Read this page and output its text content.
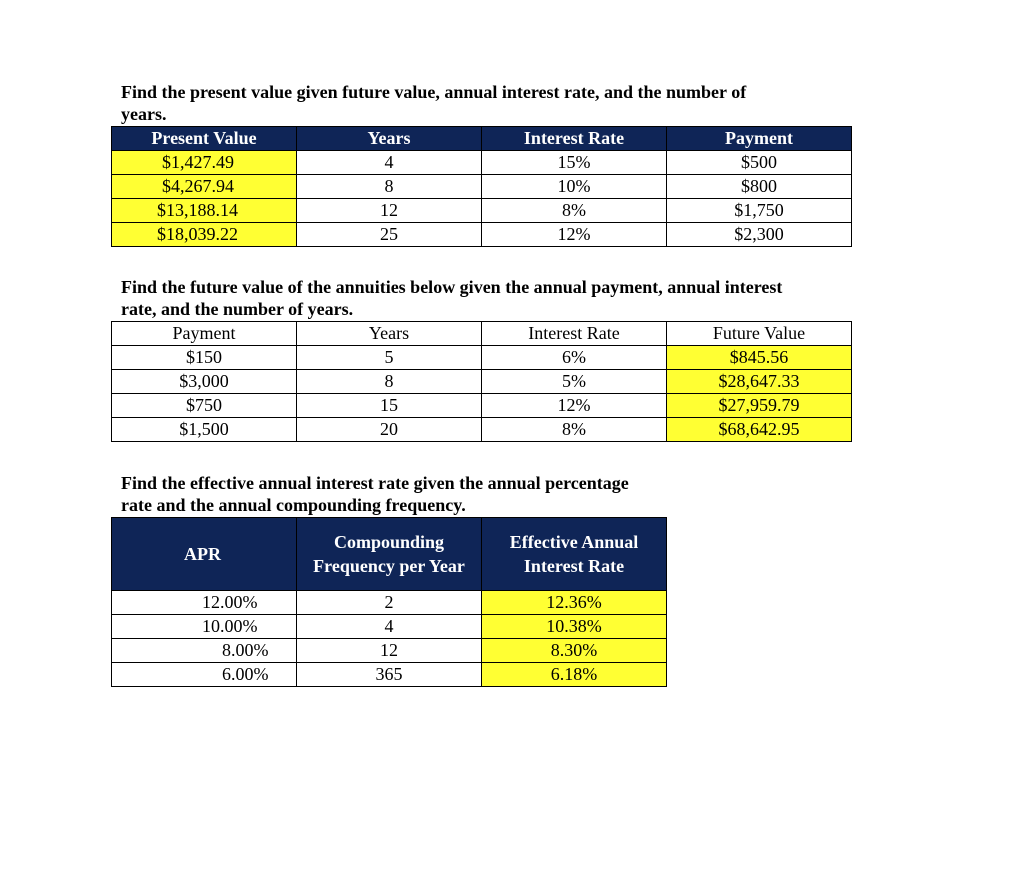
Find the present value given future value, annual interest rate, and the number of

years.

Present Value	Years	Interest Rate	Payment
$1,427.49	4	15%	$500
$4,267.94	8	10%	$800
$13,188.14	12	8%	$1,750
$18,039.22	25	12%	$2,300

Find the future value of the annuities below given the annual payment, annual interest

rate, and the number of years.

Payment	Years	Interest Rate	Future Value
$150	5	6%	$845.56
$3,000	8	5%	$28,647.33
$750	15	12%	$27,959.79
$1,500	20	8%	$68,642.95

Find the effective annual interest rate given the annual percentage

rate and the annual compounding frequency.

APR	Compounding Frequency per Year	Effective Annual Interest Rate
12.00%	2	12.36%
10.00%	4	10.38%
8.00%	12	8.30%
6.00%	365	6.18%
